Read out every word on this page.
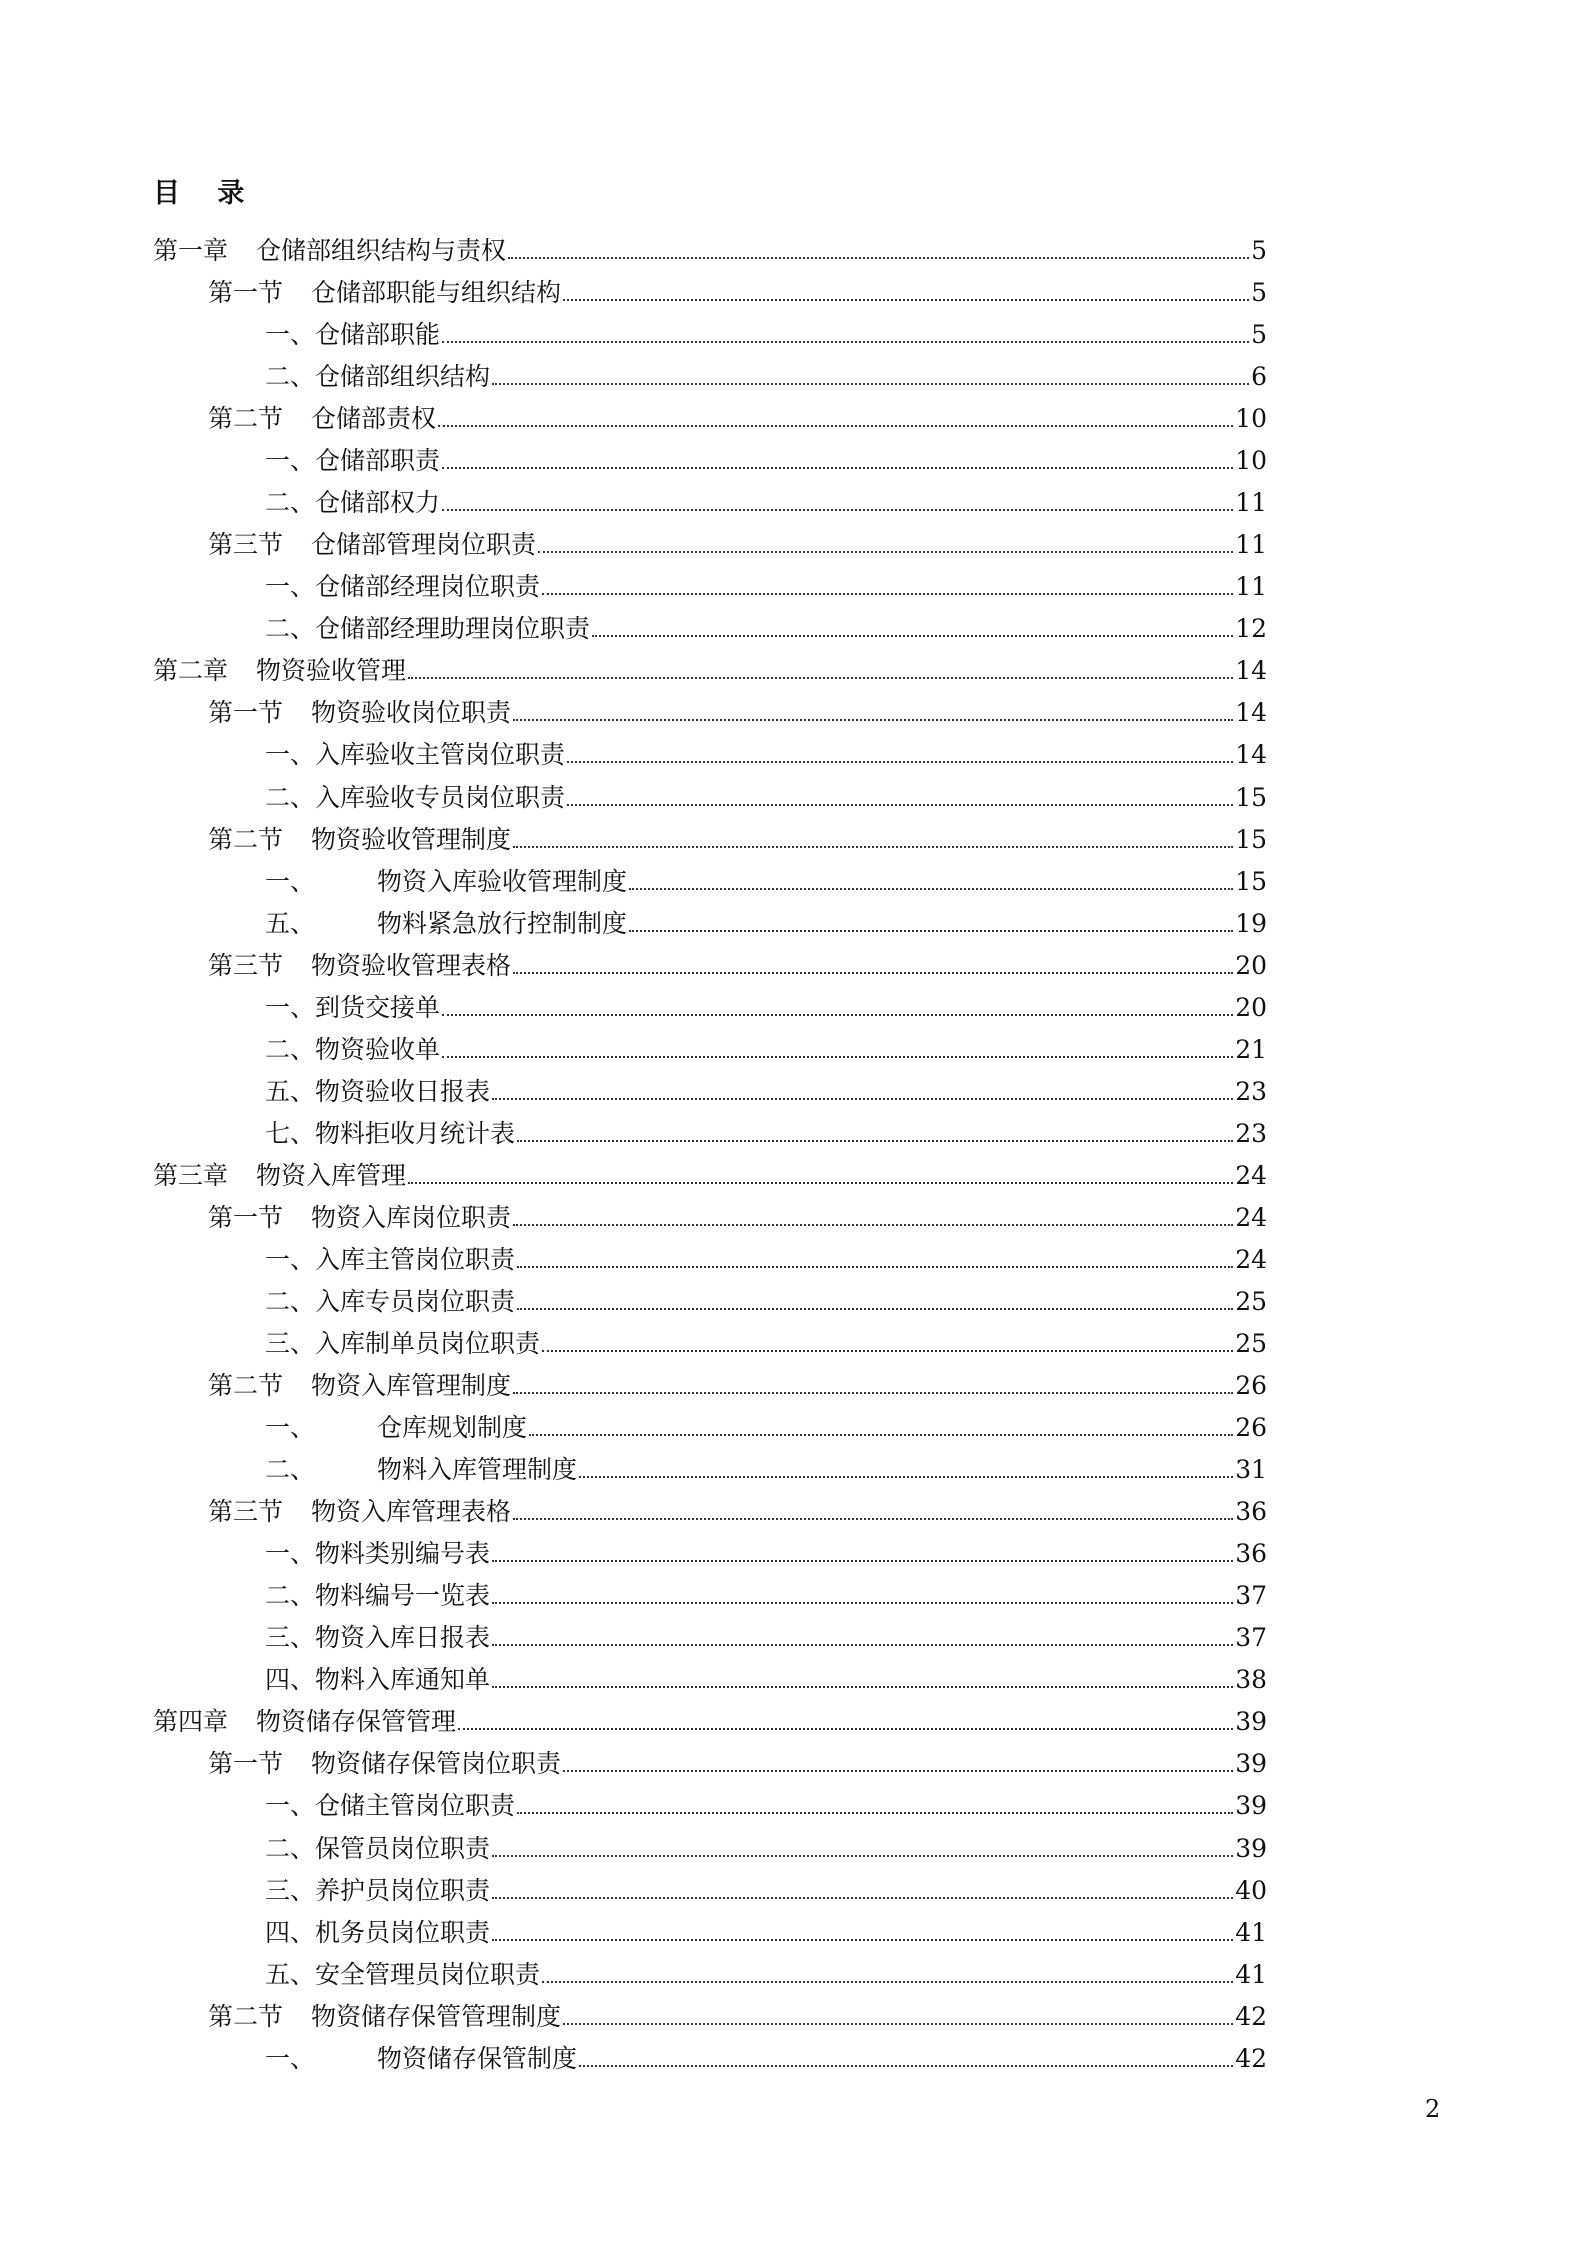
目 录
第一章 仓储部组织结构与责权	5
第一节 仓储部职能与组织结构	5
一、 仓储部职能	5
二、 仓储部组织结构	6
第二节 仓储部责权	10
一、 仓储部职责	10
二、 仓储部权力	11
第三节 仓储部管理岗位职责	11
一、 仓储部经理岗位职责	11
二、 仓储部经理助理岗位职责	12
第二章 物资验收管理	14
第一节 物资验收岗位职责	14
一、 入库验收主管岗位职责	14
二、 入库验收专员岗位职责	15
第二节 物资验收管理制度	15
一、 物资入库验收管理制度	15
五、 物料紧急放行控制制度	19
第三节 物资验收管理表格	20
一、 到货交接单	20
二、 物资验收单	21
五、 物资验收日报表	23
七、 物料拒收月统计表	23
第三章 物资入库管理	24
第一节 物资入库岗位职责	24
一、 入库主管岗位职责	24
二、 入库专员岗位职责	25
三、 入库制单员岗位职责	25
第二节 物资入库管理制度	26
一、 仓库规划制度	26
二、 物料入库管理制度	31
第三节 物资入库管理表格	36
一、 物料类别编号表	36
二、 物料编号一览表	37
三、 物资入库日报表	37
四、 物料入库通知单	38
第四章 物资储存保管管理	39
第一节 物资储存保管岗位职责	39
一、 仓储主管岗位职责	39
二、 保管员岗位职责	39
三、 养护员岗位职责	40
四、 机务员岗位职责	41
五、 安全管理员岗位职责	41
第二节 物资储存保管管理制度	42
一、 物资储存保管制度	42
2
